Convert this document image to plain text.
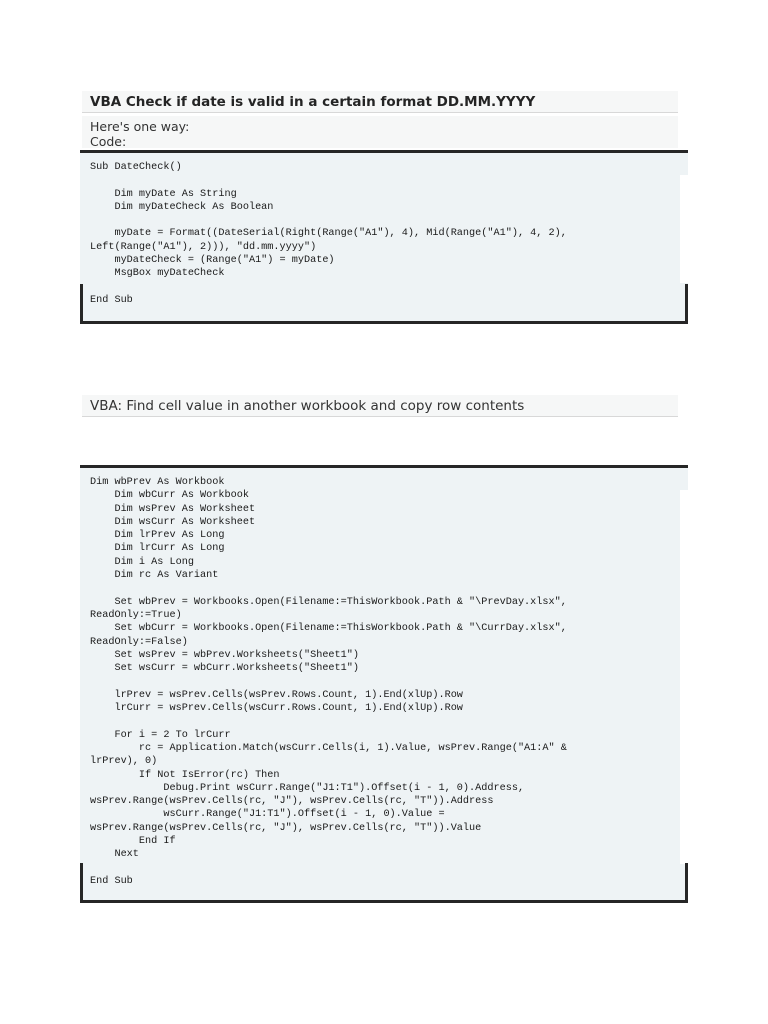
VBA Check if date is valid in a certain format DD.MM.YYYY
Here's one way:
Code:
Sub DateCheck()

Dim myDate As String
Dim myDateCheck As Boolean

myDate = Format((DateSerial(Right(Range("A1"), 4), Mid(Range("A1"), 4, 2),
Left(Range("A1"), 2))), "dd.mm.yyyy")
myDateCheck = (Range("A1") = myDate)
MsgBox myDateCheck

End Sub
VBA: Find cell value in another workbook and copy row contents
Dim wbPrev As Workbook
Dim wbCurr As Workbook
Dim wsPrev As Worksheet
Dim wsCurr As Worksheet
Dim lrPrev As Long
Dim lrCurr As Long
Dim i As Long
Dim rc As Variant

Set wbPrev = Workbooks.Open(Filename:=ThisWorkbook.Path & "\PrevDay.xlsx",
ReadOnly:=True)
Set wbCurr = Workbooks.Open(Filename:=ThisWorkbook.Path & "\CurrDay.xlsx",
ReadOnly:=False)
Set wsPrev = wbPrev.Worksheets("Sheet1")
Set wsCurr = wbCurr.Worksheets("Sheet1")

lrPrev = wsPrev.Cells(wsPrev.Rows.Count, 1).End(xlUp).Row
lrCurr = wsPrev.Cells(wsCurr.Rows.Count, 1).End(xlUp).Row

For i = 2 To lrCurr
rc = Application.Match(wsCurr.Cells(i, 1).Value, wsPrev.Range("A1:A" &
lrPrev), 0)
If Not IsError(rc) Then
Debug.Print wsCurr.Range("J1:T1").Offset(i - 1, 0).Address,
wsPrev.Range(wsPrev.Cells(rc, "J"), wsPrev.Cells(rc, "T")).Address
wsCurr.Range("J1:T1").Offset(i - 1, 0).Value =
wsPrev.Range(wsPrev.Cells(rc, "J"), wsPrev.Cells(rc, "T")).Value
End If
Next

End Sub
